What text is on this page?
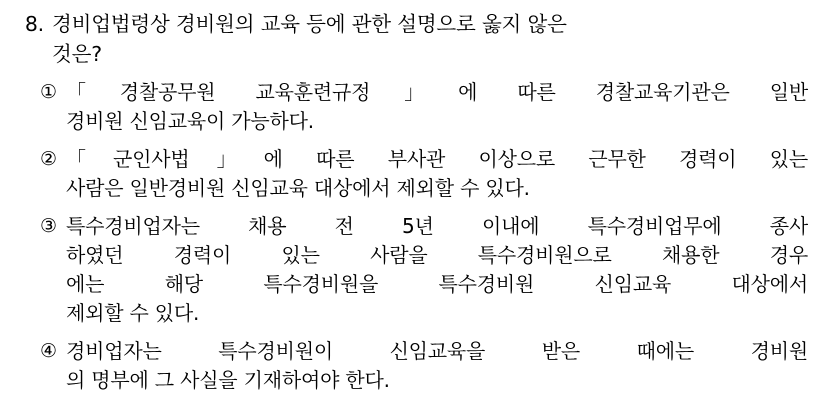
8. 경비업법령상 경비원의 교육 등에 관한 설명으로 옳지 않은
것은?
① 「경찰공무원 교육훈련규정」에 따른 경찰교육기관은 일반
경비원 신임교육이 가능하다.
② 「군인사법」에 따른 부사관 이상으로 근무한 경력이 있는
사람은 일반경비원 신임교육 대상에서 제외할 수 있다.
③ 특수경비업자는 채용 전 5년 이내에 특수경비업무에 종사
하였던 경력이 있는 사람을 특수경비원으로 채용한 경우
에는 해당 특수경비원을 특수경비원 신임교육 대상에서
제외할 수 있다.
④ 경비업자는 특수경비원이 신임교육을 받은 때에는 경비원
의 명부에 그 사실을 기재하여야 한다.
